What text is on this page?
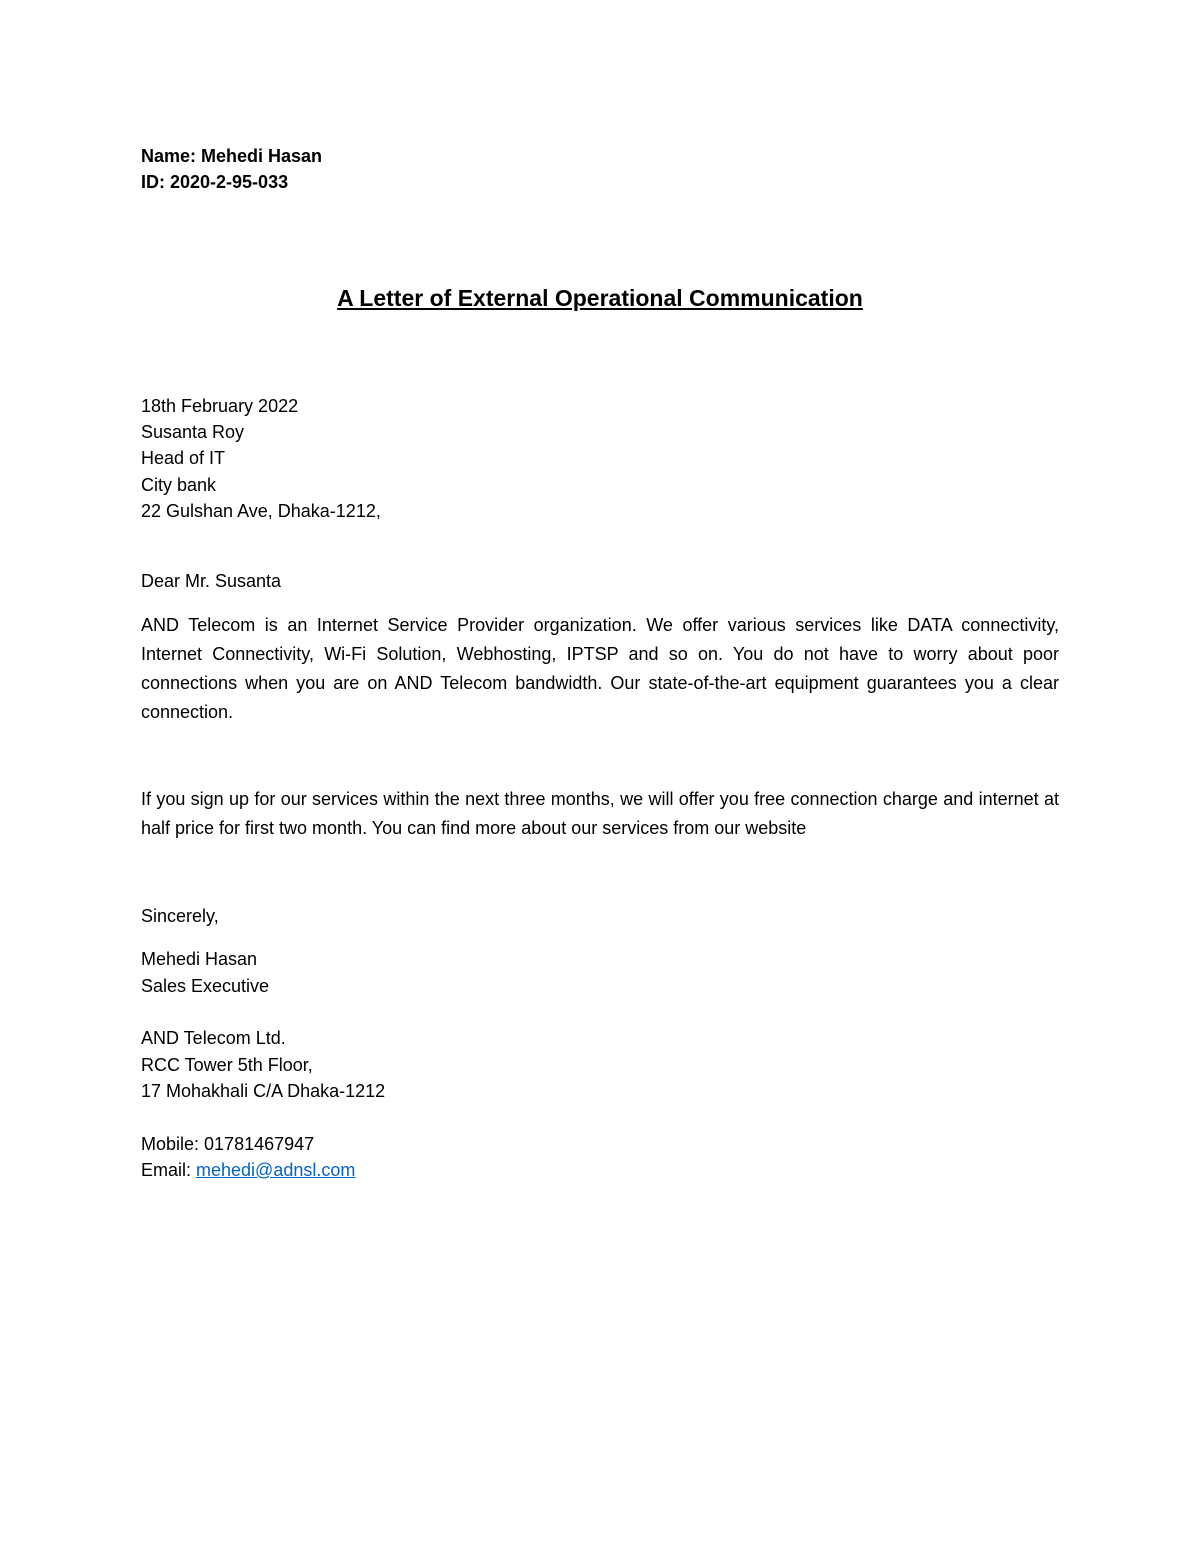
Name: Mehedi Hasan

ID: 2020-2-95-033

A Letter of External Operational Communication

18th February 2022

Susanta Roy

Head of IT

City bank

22 Gulshan Ave, Dhaka-1212,

Dear Mr. Susanta

AND Telecom is an Internet Service Provider organization. We offer various services like DATA connectivity, Internet Connectivity, Wi-Fi Solution, Webhosting, IPTSP and so on. You do not have to worry about poor connections when you are on AND Telecom bandwidth. Our state-of-the-art equipment guarantees you a clear connection.

If you sign up for our services within the next three months, we will offer you free connection charge and internet at half price for first two month. You can find more about our services from our website

Sincerely,

Mehedi Hasan

Sales Executive

AND Telecom Ltd.

RCC Tower 5th Floor,

17 Mohakhali C/A Dhaka-1212

Mobile: 01781467947

Email: mehedi@adnsl.com
